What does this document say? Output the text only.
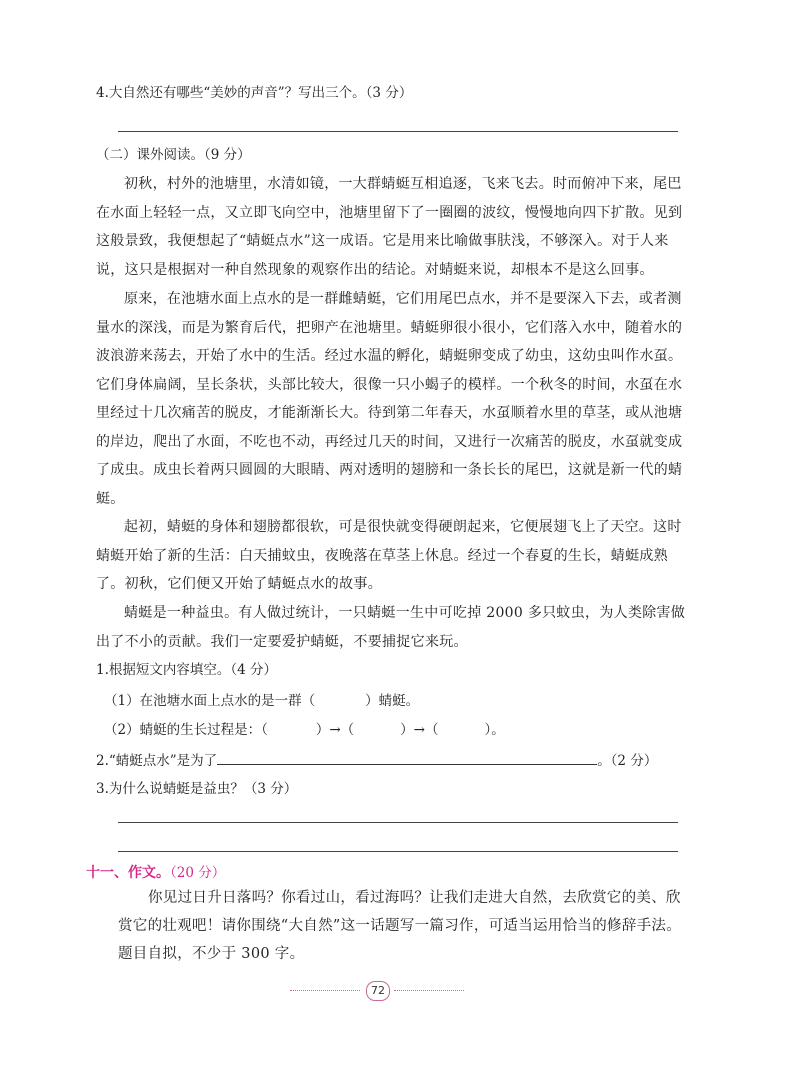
4.大自然还有哪些“美妙的声音”？写出三个。（3 分）
（二）课外阅读。（9 分）
初秋，村外的池塘里，水清如镜，一大群蜻蜓互相追逐，飞来飞去。时而俯冲下来，尾巴在水面上轻轻一点，又立即飞向空中，池塘里留下了一圈圈的波纹，慢慢地向四下扩散。见到这般景致，我便想起了“蜻蜓点水”这一成语。它是用来比喻做事肤浅，不够深入。对于人来说，这只是根据对一种自然现象的观察作出的结论。对蜻蜓来说，却根本不是这么回事。
原来，在池塘水面上点水的是一群雌蜻蜓，它们用尾巴点水，并不是要深入下去，或者测量水的深浅，而是为繁育后代，把卵产在池塘里。蜻蜓卵很小很小，它们落入水中，随着水的波浪游来荡去，开始了水中的生活。经过水温的孵化，蜻蜓卵变成了幼虫，这幼虫叫作水虿。它们身体扁阔，呈长条状，头部比较大，很像一只小蝎子的模样。一个秋冬的时间，水虿在水里经过十几次痛苦的脱皮，才能渐渐长大。待到第二年春天，水虿顺着水里的草茎，或从池塘的岸边，爬出了水面，不吃也不动，再经过几天的时间，又进行一次痛苦的脱皮，水虿就变成了成虫。成虫长着两只圆圆的大眼睛、两对透明的翅膀和一条长长的尾巴，这就是新一代的蜻蜓。
起初，蜻蜓的身体和翅膀都很软，可是很快就变得硬朗起来，它便展翅飞上了天空。这时蜻蜓开始了新的生活：白天捕蚊虫，夜晚落在草茎上休息。经过一个春夏的生长，蜻蜓成熟了。初秋，它们便又开始了蜻蜓点水的故事。
蜻蜓是一种益虫。有人做过统计，一只蜻蜓一生中可吃掉 2000 多只蚊虫，为人类除害做出了不小的贡献。我们一定要爱护蜻蜓，不要捕捉它来玩。
1.根据短文内容填空。（4 分）
（1）在池塘水面上点水的是一群（	）蜻蜓。
（2）蜻蜓的生长过程是：（	）→（	）→（	）。
2.“蜻蜓点水”是为了	。（2 分）
3.为什么说蜻蜓是益虫？（3 分）
十一、作文。（20 分）
你见过日升日落吗？你看过山，看过海吗？让我们走进大自然，去欣赏它的美、欣赏它的壮观吧！请你围绕“大自然”这一话题写一篇习作，可适当运用恰当的修辞手法。题目自拟，不少于 300 字。
72
